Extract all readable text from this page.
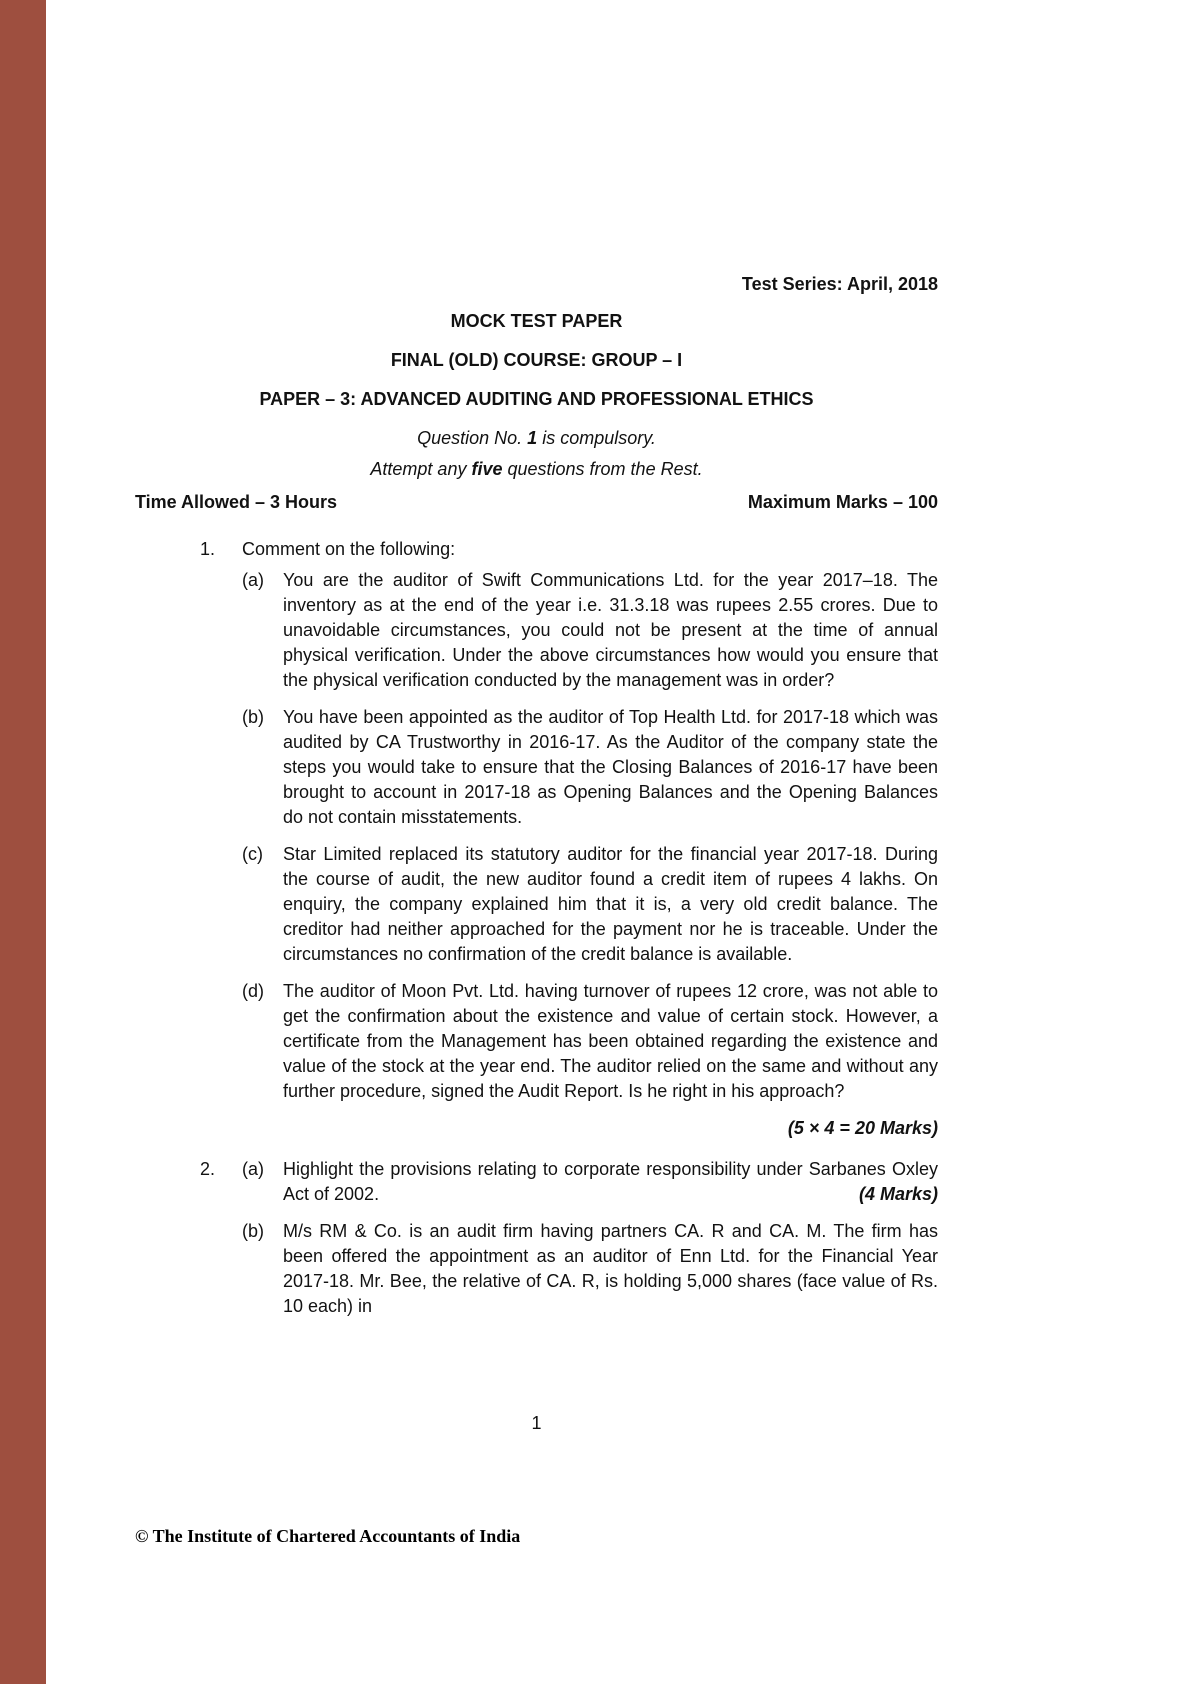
Test Series: April, 2018
MOCK TEST PAPER
FINAL (OLD) COURSE: GROUP – I
PAPER – 3: ADVANCED AUDITING AND PROFESSIONAL ETHICS
Question No. 1 is compulsory.
Attempt any five questions from the Rest.
Time Allowed – 3 Hours	Maximum Marks – 100
1.	Comment on the following:
(a)	You are the auditor of Swift Communications Ltd. for the year 2017–18. The inventory as at the end of the year i.e. 31.3.18 was rupees 2.55 crores. Due to unavoidable circumstances, you could not be present at the time of annual physical verification. Under the above circumstances how would you ensure that the physical verification conducted by the management was in order?
(b)	You have been appointed as the auditor of Top Health Ltd. for 2017-18 which was audited by CA Trustworthy in 2016-17. As the Auditor of the company state the steps you would take to ensure that the Closing Balances of 2016-17 have been brought to account in 2017-18 as Opening Balances and the Opening Balances do not contain misstatements.
(c)	Star Limited replaced its statutory auditor for the financial year 2017-18. During the course of audit, the new auditor found a credit item of rupees 4 lakhs. On enquiry, the company explained him that it is, a very old credit balance. The creditor had neither approached for the payment nor he is traceable. Under the circumstances no confirmation of the credit balance is available.
(d)	The auditor of Moon Pvt. Ltd. having turnover of rupees 12 crore, was not able to get the confirmation about the existence and value of certain stock. However, a certificate from the Management has been obtained regarding the existence and value of the stock at the year end. The auditor relied on the same and without any further procedure, signed the Audit Report. Is he right in his approach?
(5 × 4 = 20 Marks)
2.	(a)	Highlight the provisions relating to corporate responsibility under Sarbanes Oxley Act of 2002.	(4 Marks)
(b)	M/s RM & Co. is an audit firm having partners CA. R and CA. M. The firm has been offered the appointment as an auditor of Enn Ltd. for the Financial Year 2017-18. Mr. Bee, the relative of CA. R, is holding 5,000 shares (face value of Rs. 10 each) in
1
© The Institute of Chartered Accountants of India
